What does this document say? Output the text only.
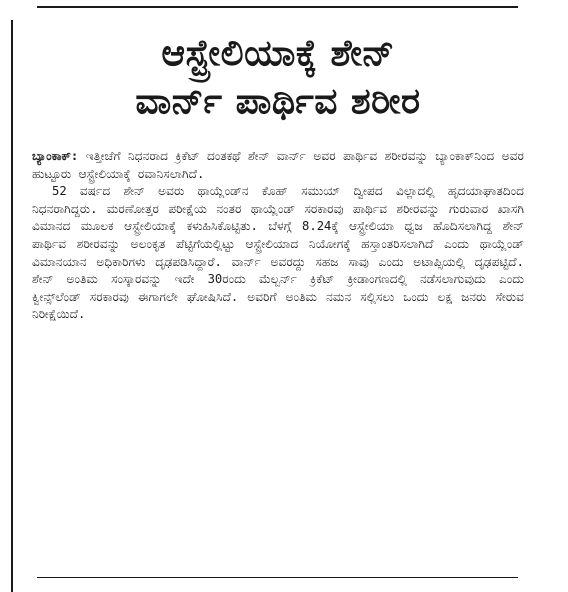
ಆಸ್ಟ್ರೇಲಿಯಾಕ್ಕೆ ಶೇನ್
ವಾರ್ನ್ ಪಾರ್ಥಿವ ಶರೀರ

ಬ್ಯಾಂಕಾಕ್: ಇತ್ತೀಚೆಗೆ ನಿಧನರಾದ ಕ್ರಿಕೆಟ್ ದಂತಕಥೆ ಶೇನ್ ವಾರ್ನ್ ಅವರ ಪಾರ್ಥಿವ ಶರೀರವನ್ನು ಬ್ಯಾಂಕಾಕ್‌ನಿಂದ ಅವರ ಹುಟ್ಟೂರು ಆಸ್ಟ್ರೇಲಿಯಾಕ್ಕೆ ರವಾನಿಸಲಾಗಿದೆ.

52 ವರ್ಷದ ಶೇನ್ ಅವರು ಥಾಯ್ಲೆಂಡ್‌ನ ಕೊಹ್ ಸಮುಯ್ ದ್ವೀಪದ ವಿಲ್ಲಾದಲ್ಲಿ ಹೃದಯಾಘಾತದಿಂದ ನಿಧನರಾಗಿದ್ದರು. ಮರಣೋತ್ತರ ಪರೀಕ್ಷೆಯ ನಂತರ ಥಾಯ್ಲೆಂಡ್ ಸರಕಾರವು ಪಾರ್ಥಿವ ಶರೀರವನ್ನು ಗುರುವಾರ ಖಾಸಗಿ ವಿಮಾನದ ಮೂಲಕ ಆಸ್ಟ್ರೇಲಿಯಾಕ್ಕೆ ಕಳುಹಿಸಿಕೊಟ್ಟಿತು. ಬೆಳಗ್ಗೆ 8.24ಕ್ಕೆ ಆಸ್ಟ್ರೇಲಿಯಾ ಧ್ವಜ ಹೊದಿಸಲಾಗಿದ್ದ ಶೇನ್ ಪಾರ್ಥಿವ ಶರೀರವನ್ನು ಅಲಂಕೃತ ಪೆಟ್ಟಿಗೆಯಲ್ಲಿಟ್ಟು ಆಸ್ಟ್ರೇಲಿಯಾದ ನಿಯೋಗಕ್ಕೆ ಹಸ್ತಾಂತರಿಸಲಾಗಿದೆ ಎಂದು ಥಾಯ್ಲೆಂಡ್ ವಿಮಾನಯಾನ ಅಧಿಕಾರಿಗಳು ದೃಢಪಡಿಸಿದ್ದಾರೆ. ವಾರ್ನ್ ಅವರದ್ದು ಸಹಜ ಸಾವು ಎಂದು ಅಟಾಪ್ಸಿಯಲ್ಲಿ ದೃಢಪಟ್ಟಿದೆ. ಶೇನ್ ಅಂತಿಮ ಸಂಸ್ಕಾರವನ್ನು ಇದೇ 30ರಂದು ಮೆಲ್ಬರ್ನ್ ಕ್ರಿಕೆಟ್ ಕ್ರೀಡಾಂಗಣದಲ್ಲಿ ನಡೆಸಲಾಗುವುದು ಎಂದು ಕ್ವೀನ್ಸ್‌ಲೆಂಡ್ ಸರಕಾರವು ಈಗಾಗಲೇ ಘೋಷಿಸಿದೆ. ಅವರಿಗೆ ಅಂತಿಮ ನಮನ ಸಲ್ಲಿಸಲು ಒಂದು ಲಕ್ಷ ಜನರು ಸೇರುವ ನಿರೀಕ್ಷೆಯಿದೆ.
